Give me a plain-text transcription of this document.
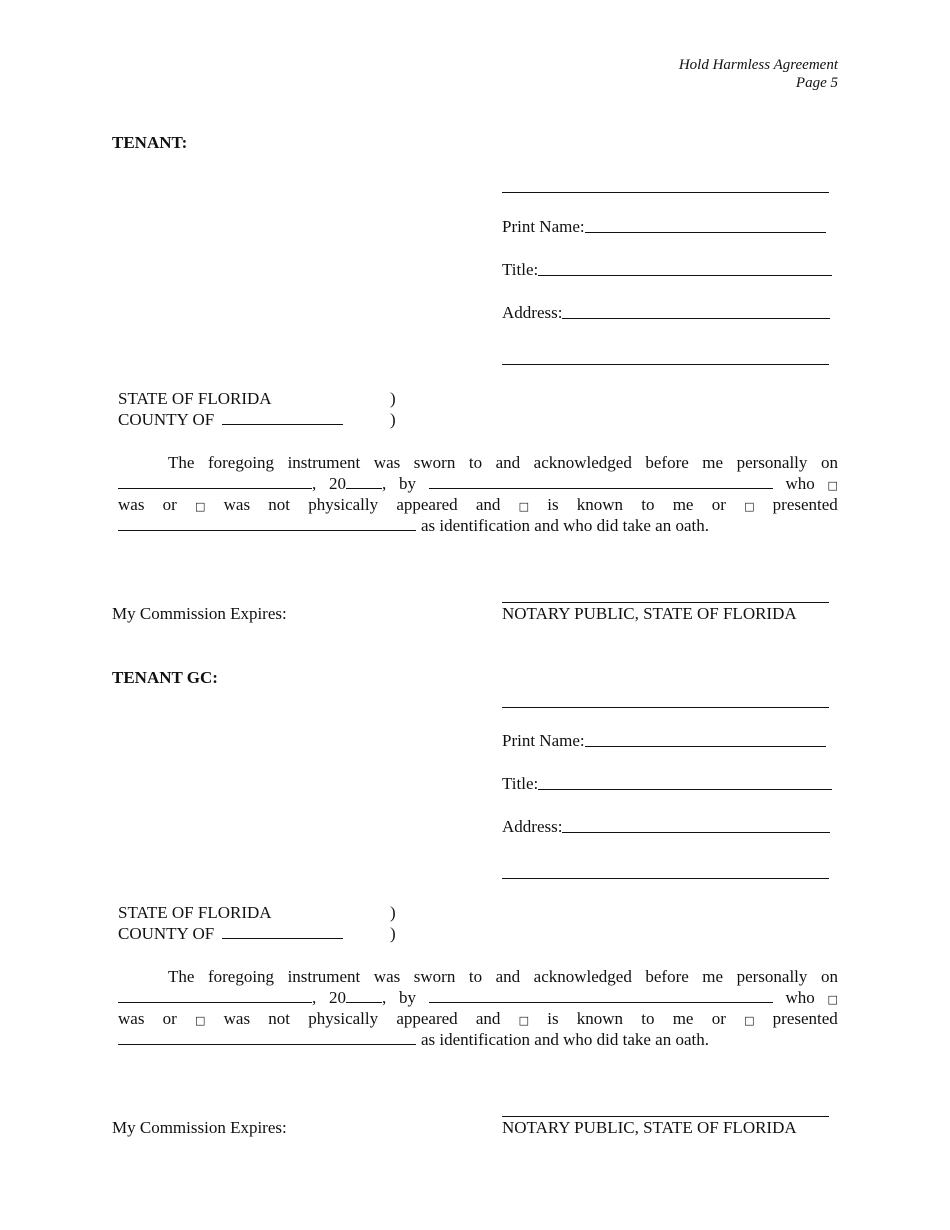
Hold Harmless Agreement
Page 5
TENANT:
Print Name:
Title:
Address:
STATE OF FLORIDA	)
COUNTY OF	)
The foregoing instrument was sworn to and acknowledged before me personally on
, 20 , by	who □
was or □ was not physically appeared and □ is known to me or □ presented
as identification and who did take an oath.
My Commission Expires:	NOTARY PUBLIC, STATE OF FLORIDA
TENANT GC:
Print Name:
Title:
Address:
STATE OF FLORIDA	)
COUNTY OF	)
The foregoing instrument was sworn to and acknowledged before me personally on
, 20 , by	who □
was or □ was not physically appeared and □ is known to me or □ presented
as identification and who did take an oath.
My Commission Expires:	NOTARY PUBLIC, STATE OF FLORIDA
